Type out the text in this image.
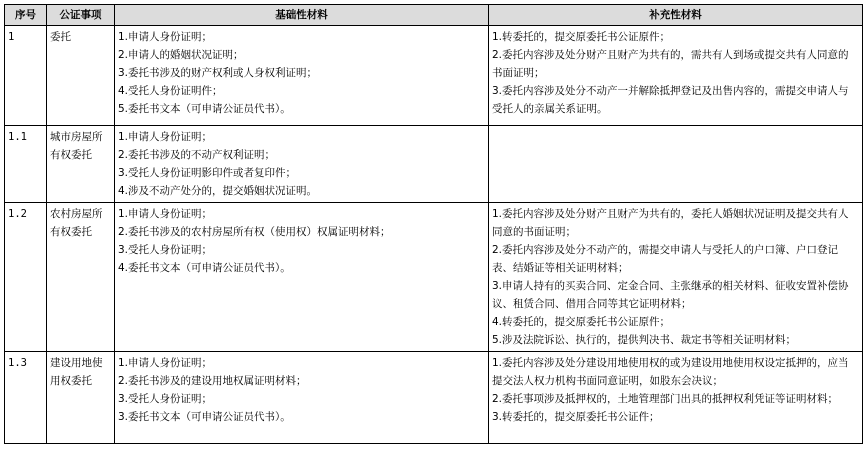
序号	公证事项	基础性材料	补充性材料
1	委托	1.申请人身份证明；
2.申请人的婚姻状况证明；
3.委托书涉及的财产权利或人身权利证明；
4.受托人身份证明件；
5.委托书文本（可申请公证员代书）。	1.转委托的，提交原委托书公证原件；
2.委托内容涉及处分财产且财产为共有的，需共有人到场或提交共有人同意的书面证明；
3.委托内容涉及处分不动产一并解除抵押登记及出售内容的，需提交申请人与受托人的亲属关系证明。

1.1	城市房屋所有权委托	1.申请人身份证明；
2.委托书涉及的不动产权利证明；
3.受托人身份证明影印件或者复印件；
4.涉及不动产处分的，提交婚姻状况证明。	

1.2	农村房屋所有权委托	1.申请人身份证明；
2.委托书涉及的农村房屋所有权（使用权）权属证明材料；
3.受托人身份证明；
4.委托书文本（可申请公证员代书）。	1.委托内容涉及处分财产且财产为共有的，委托人婚姻状况证明及提交共有人同意的书面证明；
2.委托内容涉及处分不动产的，需提交申请人与受托人的户口簿、户口登记表、结婚证等相关证明材料；
3.申请人持有的买卖合同、定金合同、主张继承的相关材料、征收安置补偿协议、租赁合同、借用合同等其它证明材料；
4.转委托的，提交原委托书公证原件；
5.涉及法院诉讼、执行的，提供判决书、裁定书等相关证明材料；

1.3	建设用地使用权委托	1.申请人身份证明；
2.委托书涉及的建设用地权属证明材料；
3.受托人身份证明；
3.委托书文本（可申请公证员代书）。	1.委托内容涉及处分建设用地使用权的或为建设用地使用权设定抵押的，应当提交法人权力机构书面同意证明，如股东会决议；
2.委托事项涉及抵押权的，土地管理部门出具的抵押权利凭证等证明材料；
3.转委托的，提交原委托书公证件；
